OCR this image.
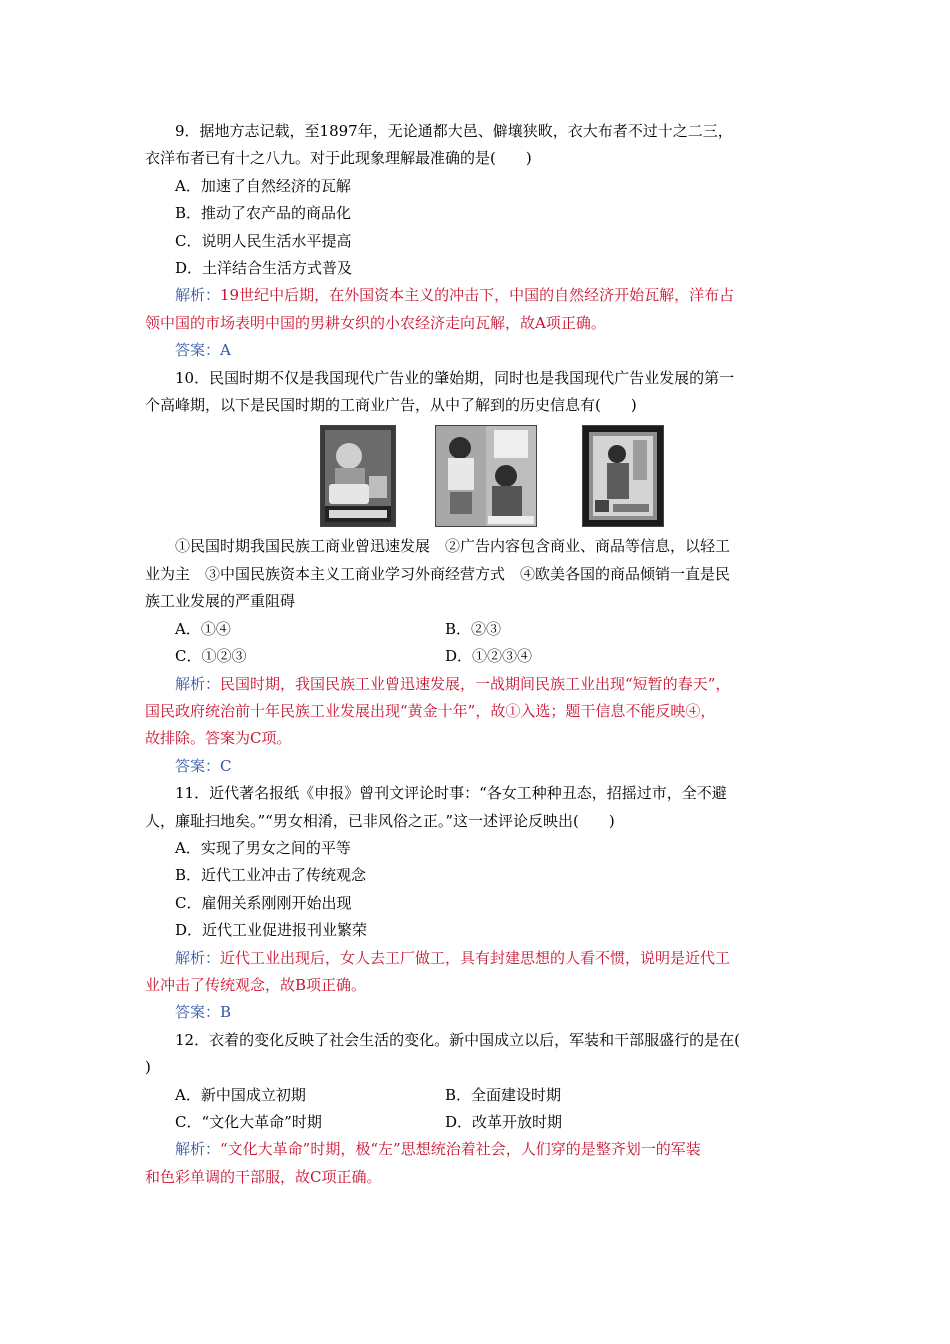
9．据地方志记载，至1897年，无论通都大邑、僻壤狭畋，衣大布者不过十之二三，

衣洋布者已有十之八九。对于此现象理解最准确的是(　　)

A．加速了自然经济的瓦解

B．推动了农产品的商品化

C．说明人民生活水平提高

D．土洋结合生活方式普及

解析：19世纪中后期，在外国资本主义的冲击下，中国的自然经济开始瓦解，洋布占

领中国的市场表明中国的男耕女织的小农经济走向瓦解，故A项正确。

答案：A

10．民国时期不仅是我国现代广告业的肇始期，同时也是我国现代广告业发展的第一

个高峰期，以下是民国时期的工商业广告，从中了解到的历史信息有(　　)

①民国时期我国民族工商业曾迅速发展　②广告内容包含商业、商品等信息，以轻工

业为主　③中国民族资本主义工商业学习外商经营方式　④欧美各国的商品倾销一直是民

族工业发展的严重阻碍

A．①④	B．②③
C．①②③	D．①②③④

解析：民国时期，我国民族工业曾迅速发展，一战期间民族工业出现“短暂的春天”，

国民政府统治前十年民族工业发展出现“黄金十年”，故①入选；题干信息不能反映④，

故排除。答案为C项。

答案：C

11．近代著名报纸《申报》曾刊文评论时事：“各女工种种丑态，招摇过市，全不避

人，廉耻扫地矣。”“男女相淆，已非风俗之正。”这一述评论反映出(　　)

A．实现了男女之间的平等

B．近代工业冲击了传统观念

C．雇佣关系刚刚开始出现

D．近代工业促进报刊业繁荣

解析：近代工业出现后，女人去工厂做工，具有封建思想的人看不惯，说明是近代工

业冲击了传统观念，故B项正确。

答案：B

12．衣着的变化反映了社会生活的变化。新中国成立以后，军装和干部服盛行的是在(

)

A．新中国成立初期	B．全面建设时期
C．“文化大革命”时期	D．改革开放时期

解析：“文化大革命”时期，极“左”思想统治着社会，人们穿的是整齐划一的军装

和色彩单调的干部服，故C项正确。
